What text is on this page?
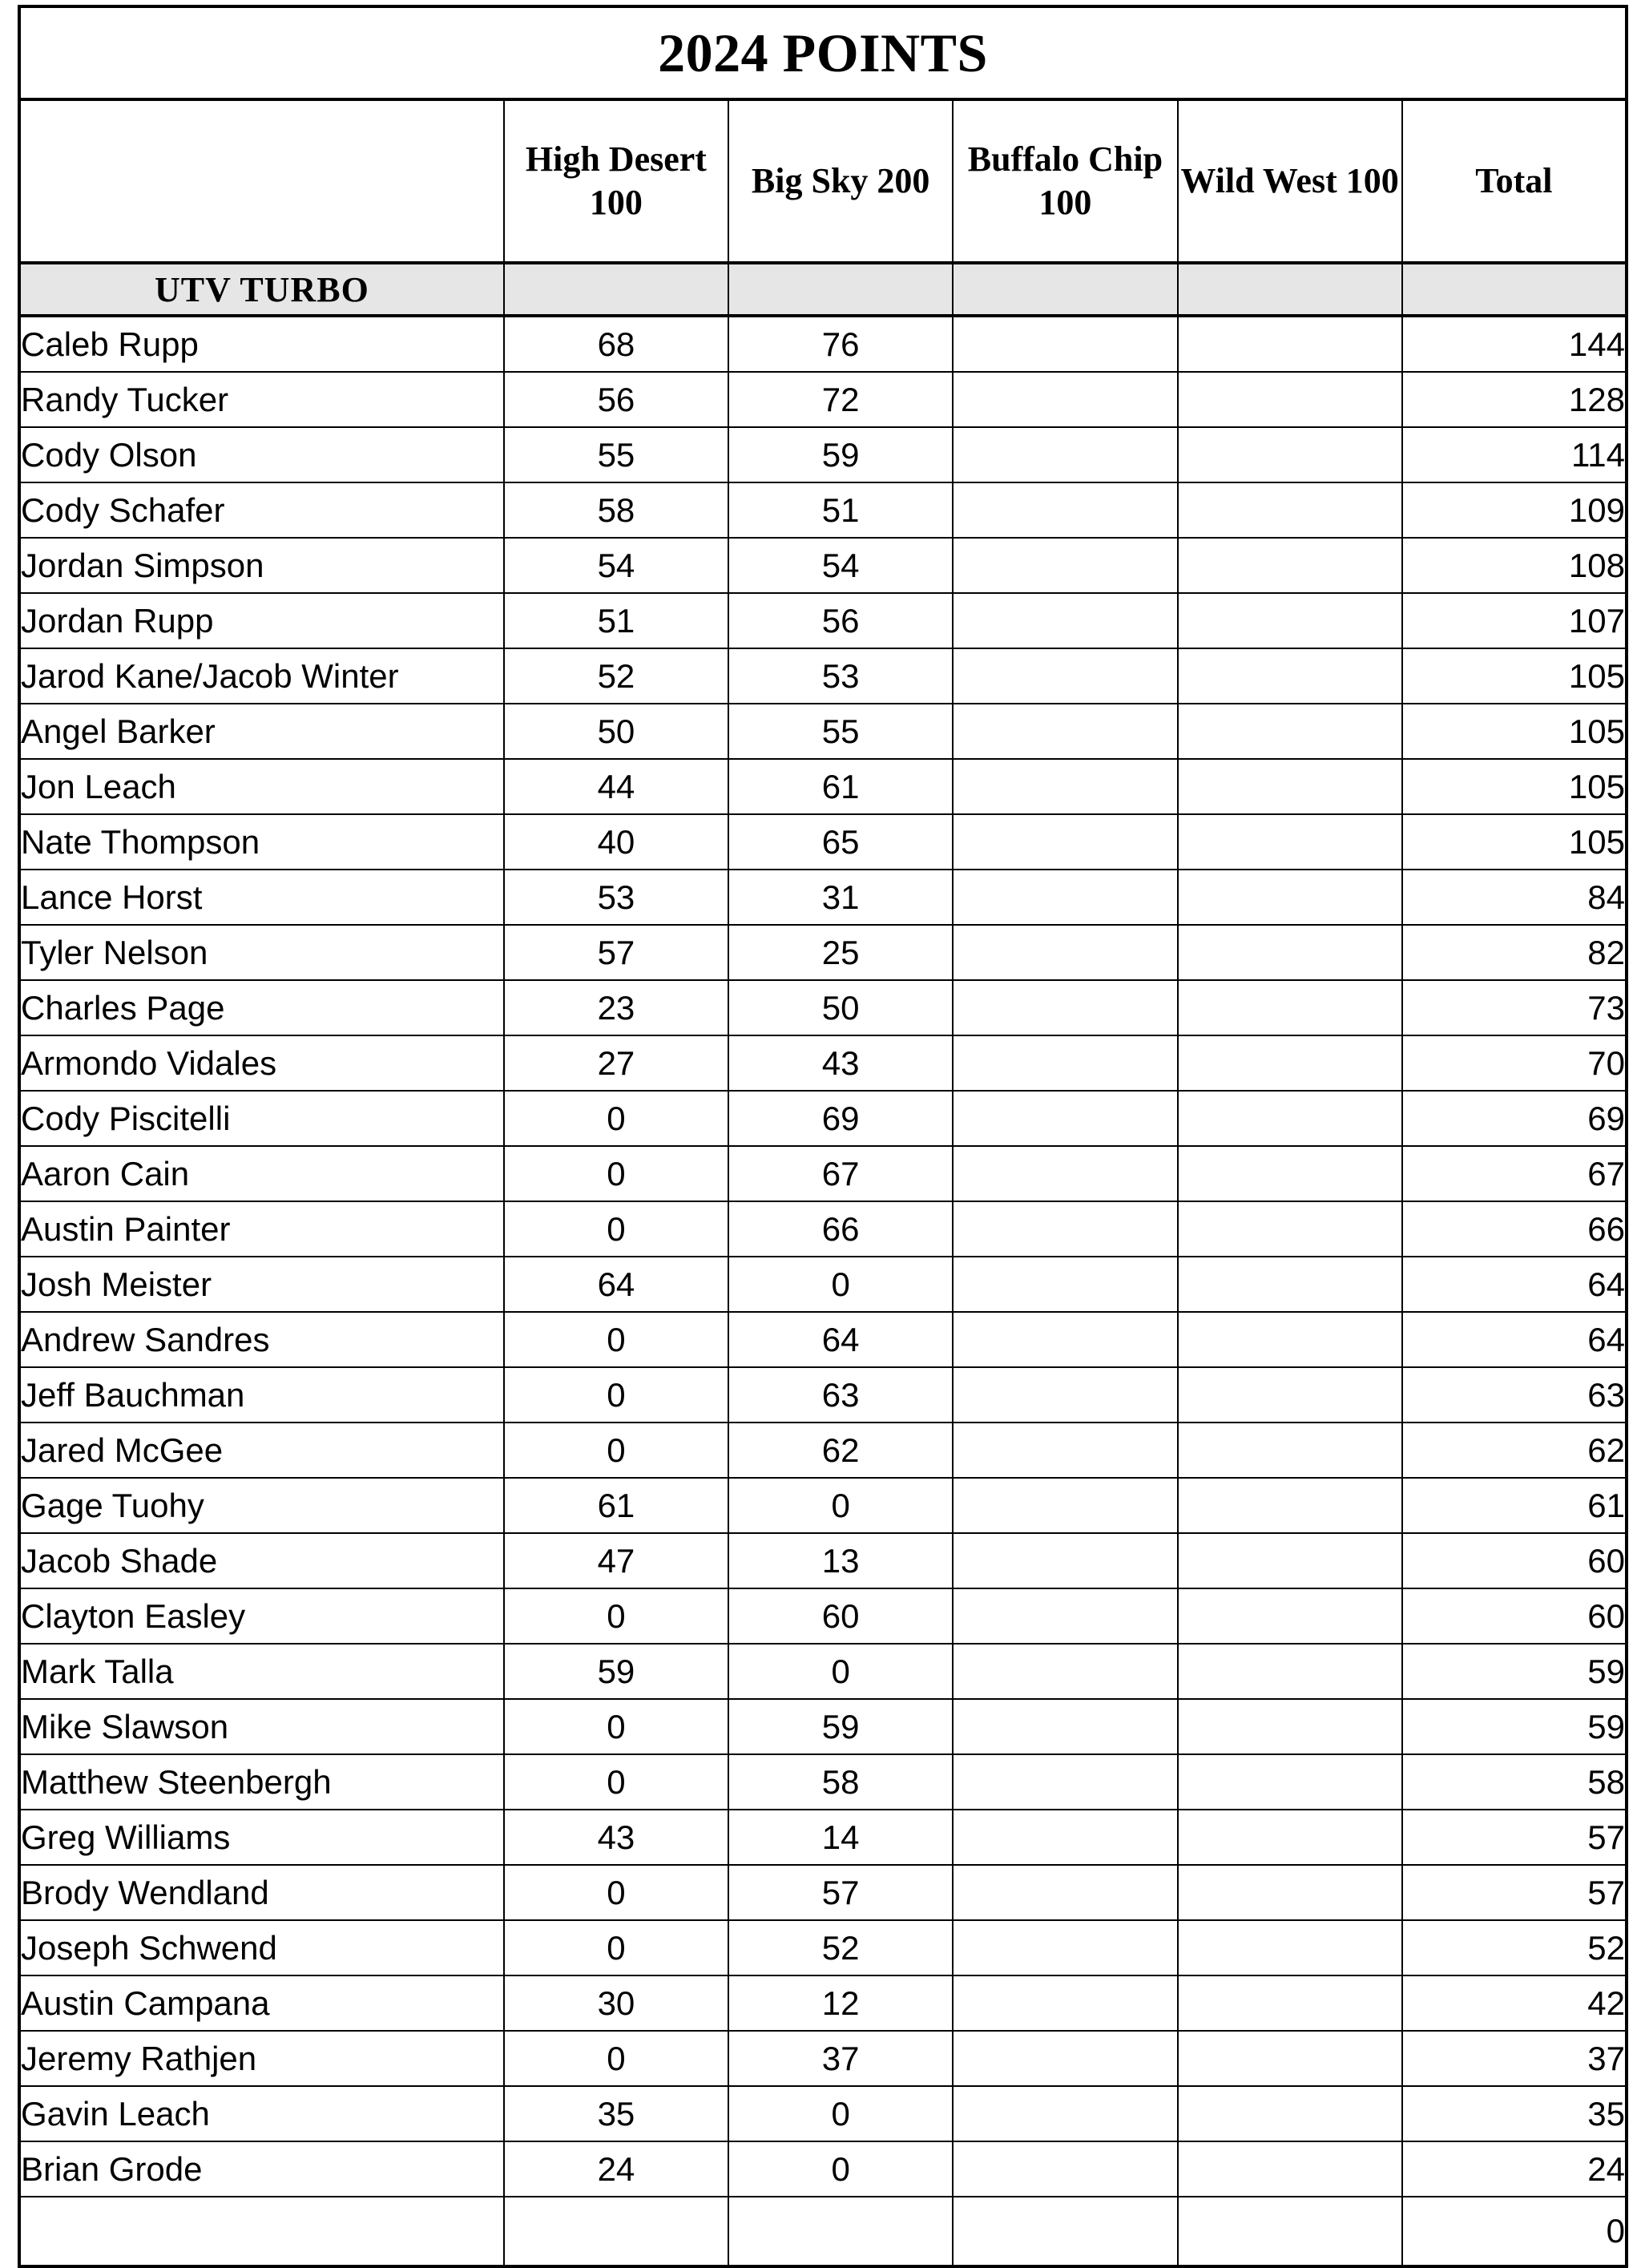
2024 POINTS					
	High Desert 100	Big Sky 200	Buffalo Chip 100	Wild West 100	Total
UTV TURBO					
Caleb Rupp	68	76			144
Randy Tucker	56	72			128
Cody Olson	55	59			114
Cody Schafer	58	51			109
Jordan Simpson	54	54			108
Jordan Rupp	51	56			107
Jarod Kane/Jacob Winter	52	53			105
Angel Barker	50	55			105
Jon Leach	44	61			105
Nate Thompson	40	65			105
Lance Horst	53	31			84
Tyler Nelson	57	25			82
Charles Page	23	50			73
Armondo Vidales	27	43			70
Cody Piscitelli	0	69			69
Aaron Cain	0	67			67
Austin Painter	0	66			66
Josh Meister	64	0			64
Andrew Sandres	0	64			64
Jeff Bauchman	0	63			63
Jared McGee	0	62			62
Gage Tuohy	61	0			61
Jacob Shade	47	13			60
Clayton Easley	0	60			60
Mark Talla	59	0			59
Mike Slawson	0	59			59
Matthew Steenbergh	0	58			58
Greg Williams	43	14			57
Brody Wendland	0	57			57
Joseph Schwend	0	52			52
Austin Campana	30	12			42
Jeremy Rathjen	0	37			37
Gavin Leach	35	0			35
Brian Grode	24	0			24
					0
